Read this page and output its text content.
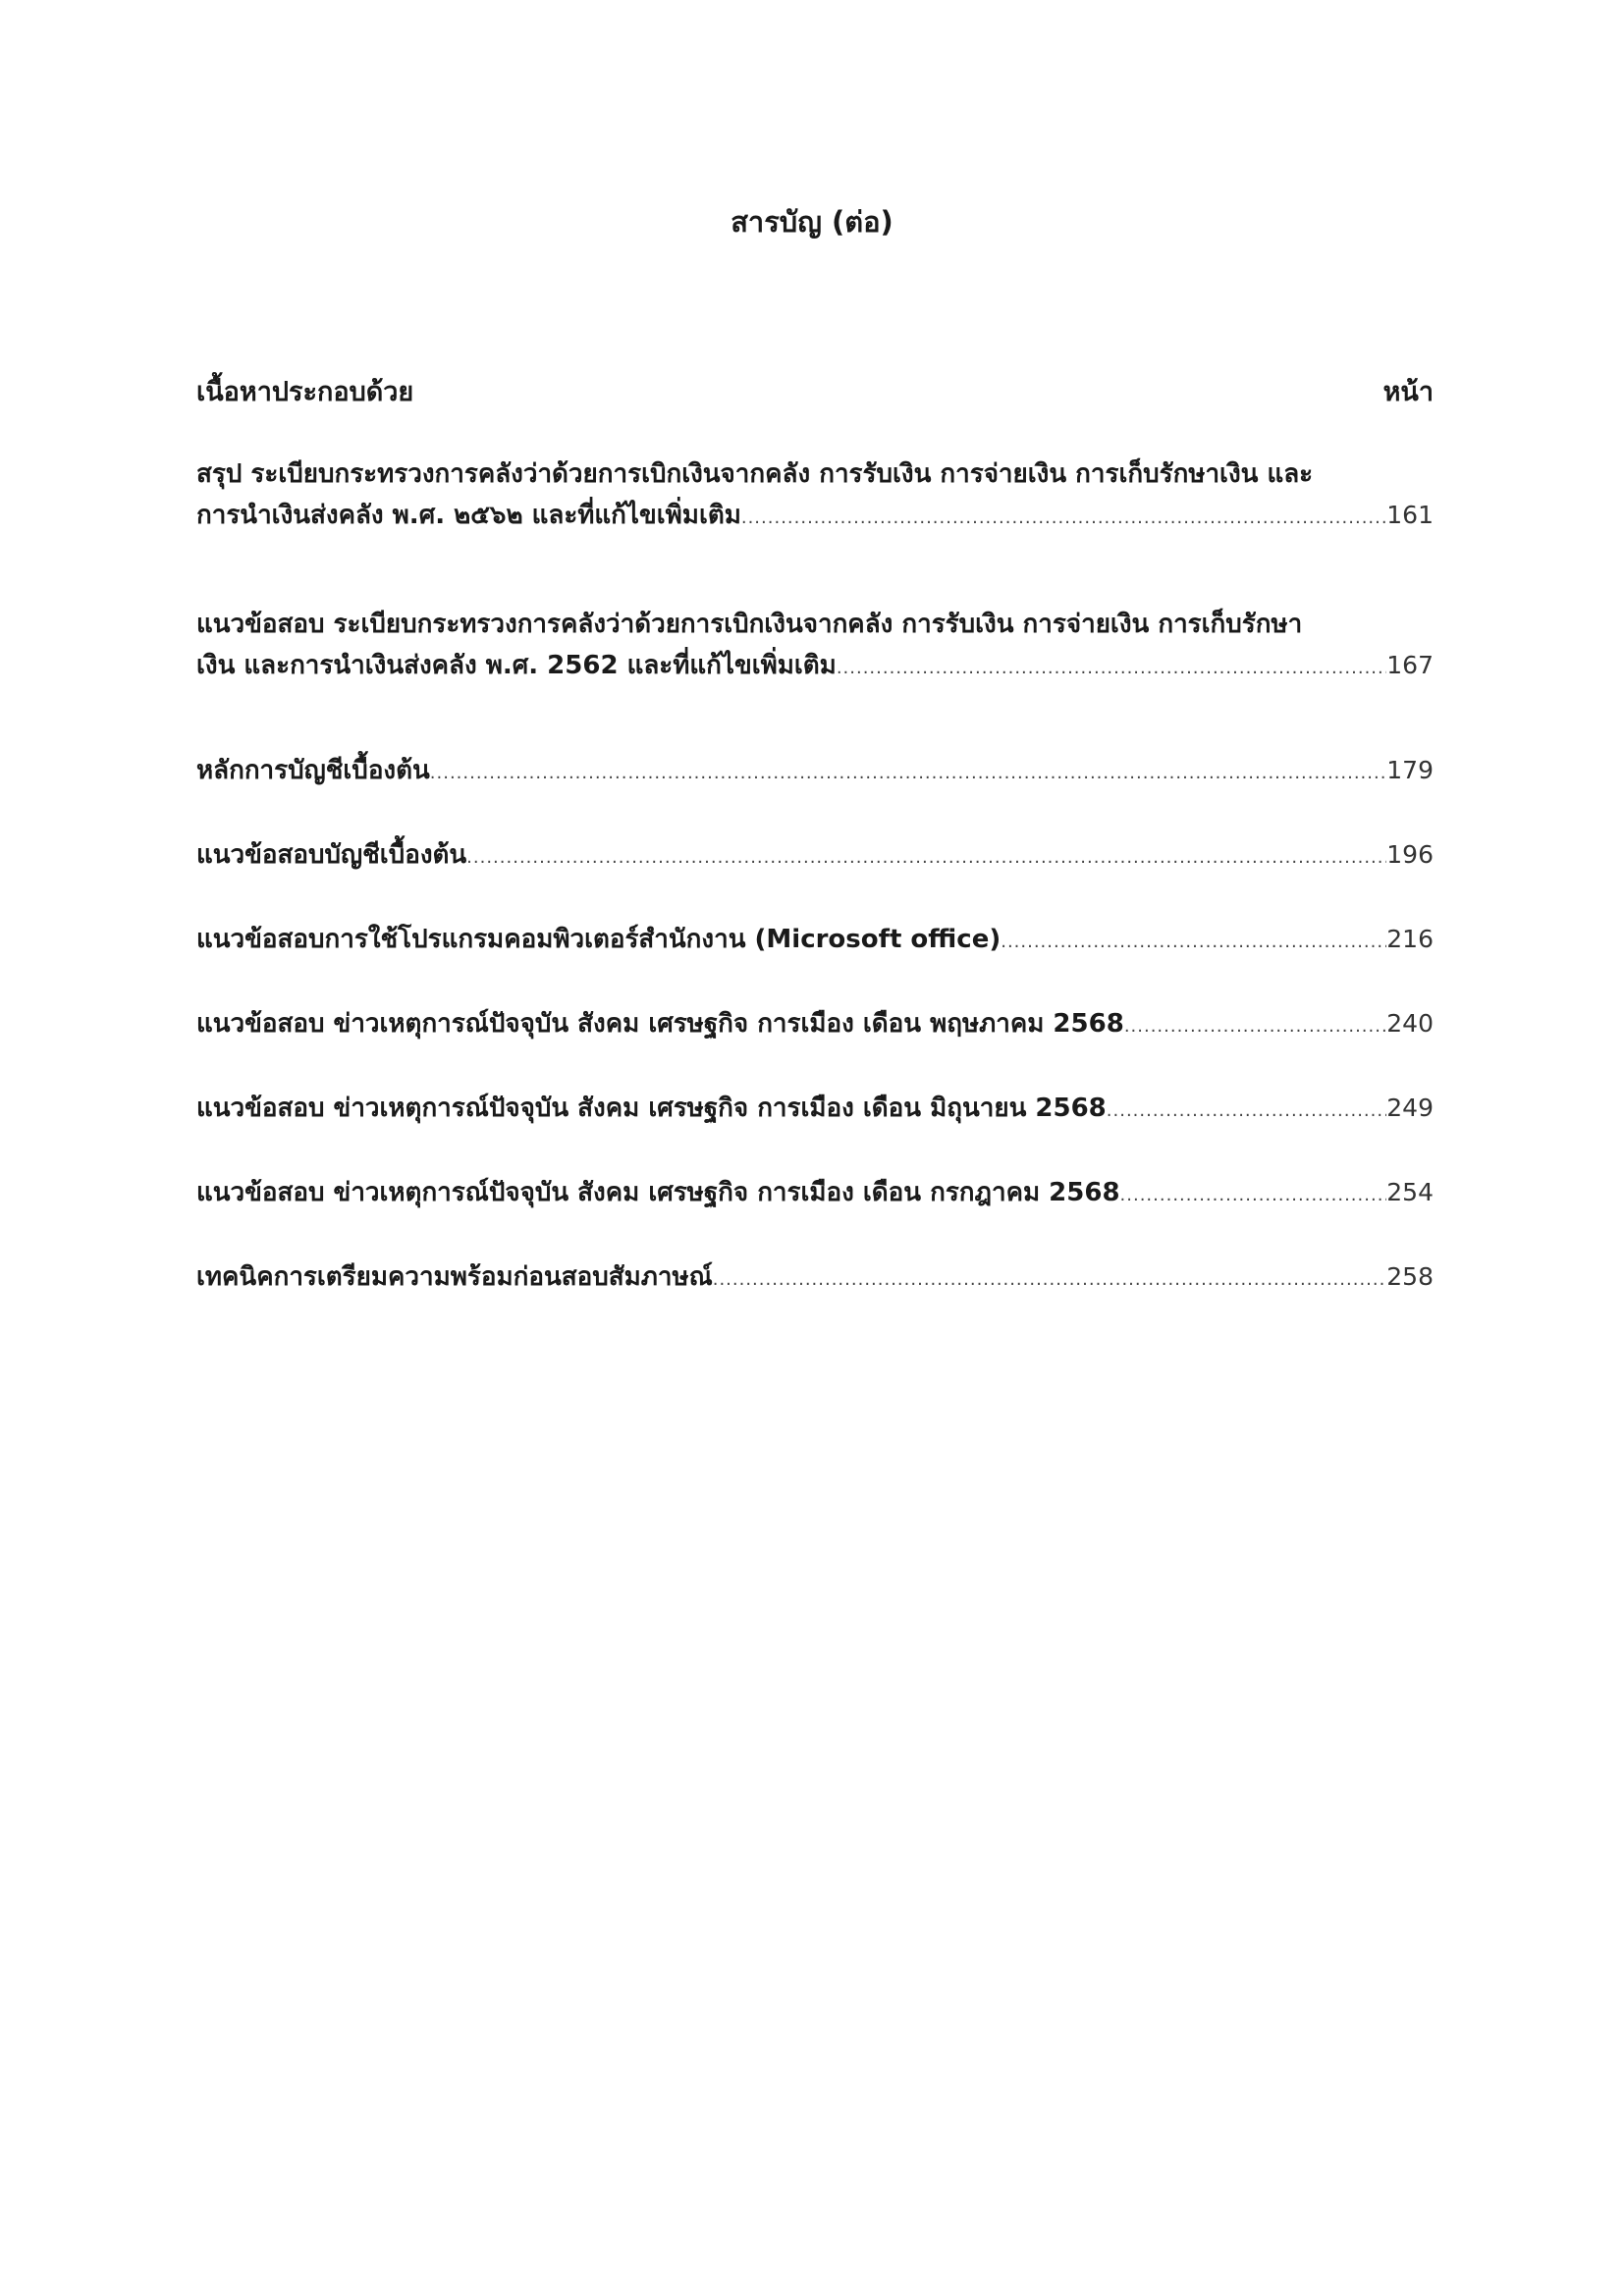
สารบัญ (ต่อ)
เนื้อหาประกอบด้วย	หน้า
สรุป ระเบียบกระทรวงการคลังว่าด้วยการเบิกเงินจากคลัง การรับเงิน การจ่ายเงิน การเก็บรักษาเงิน และ
การนำเงินส่งคลัง พ.ศ. ๒๕๖๒ และที่แก้ไขเพิ่มเติม .....	161
แนวข้อสอบ ระเบียบกระทรวงการคลังว่าด้วยการเบิกเงินจากคลัง การรับเงิน การจ่ายเงิน การเก็บรักษา
เงิน และการนำเงินส่งคลัง พ.ศ. 2562 และที่แก้ไขเพิ่มเติม .....	167
หลักการบัญชีเบื้องต้น .....	179
แนวข้อสอบบัญชีเบื้องต้น .....	196
แนวข้อสอบการใช้โปรแกรมคอมพิวเตอร์สำนักงาน (Microsoft office) .....	216
แนวข้อสอบ ข่าวเหตุการณ์ปัจจุบัน สังคม เศรษฐกิจ การเมือง เดือน พฤษภาคม 2568 .....	240
แนวข้อสอบ ข่าวเหตุการณ์ปัจจุบัน สังคม เศรษฐกิจ การเมือง เดือน มิถุนายน 2568 .....	249
แนวข้อสอบ ข่าวเหตุการณ์ปัจจุบัน สังคม เศรษฐกิจ การเมือง เดือน กรกฎาคม 2568 .....	254
เทคนิคการเตรียมความพร้อมก่อนสอบสัมภาษณ์ .....	258
